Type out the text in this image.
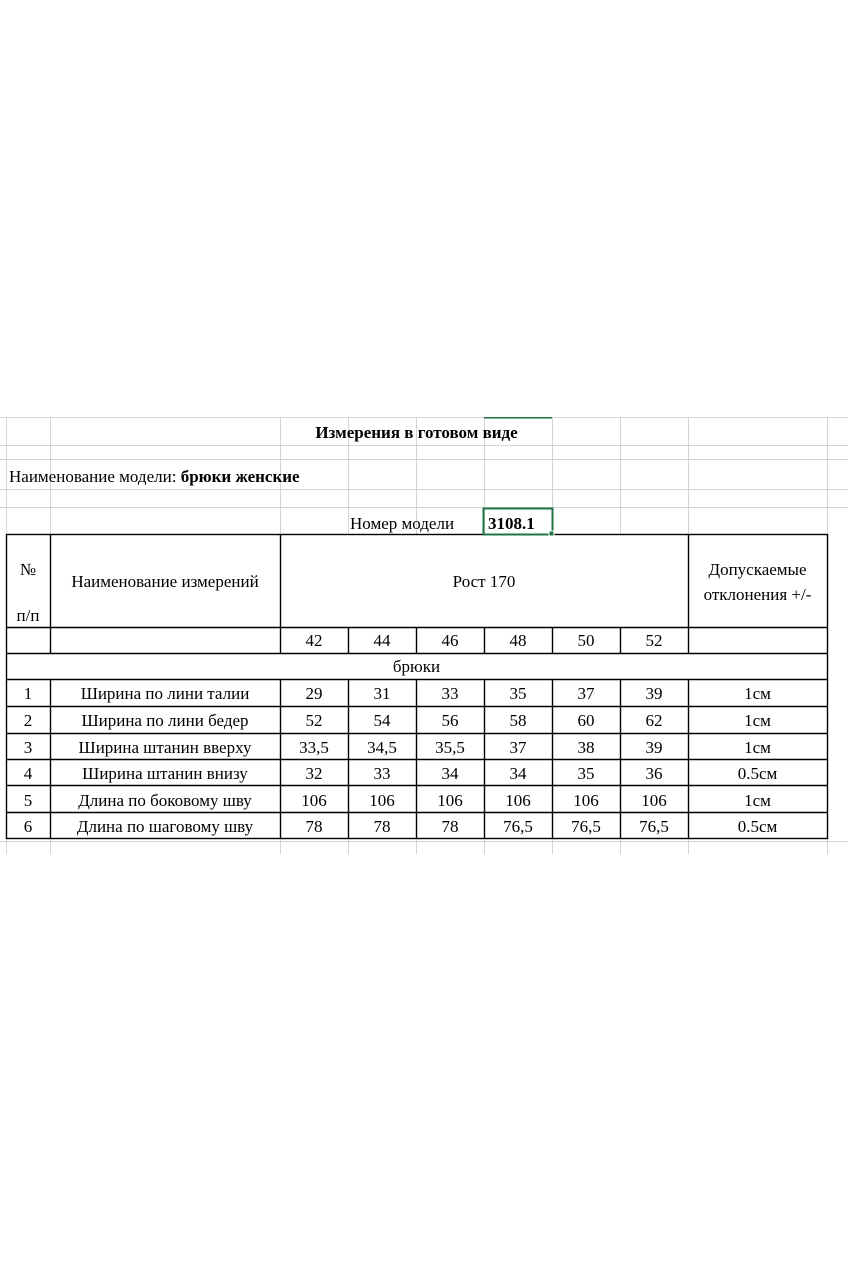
Измерения в готовом виде
Наименование модели: брюки женские
Номер модели 3108.1
№
п/п
Наименование измерений	Рост 170
Допускаемые
отклонения +/-
42	44	46	48	50	52
брюки
1	Ширина по лини талии	29	31	33	35	37	39	1см
2	Ширина по лини бедер	52	54	56	58	60	62	1см
3	Ширина штанин вверху	33,5	34,5	35,5	37	38	39	1см
4	Ширина штанин внизу	32	33	34	34	35	36	0.5см
5	Длина по боковому шву	106	106	106	106	106	106	1см
6	Длина по шаговому шву	78	78	78	76,5	76,5	76,5	0.5см
